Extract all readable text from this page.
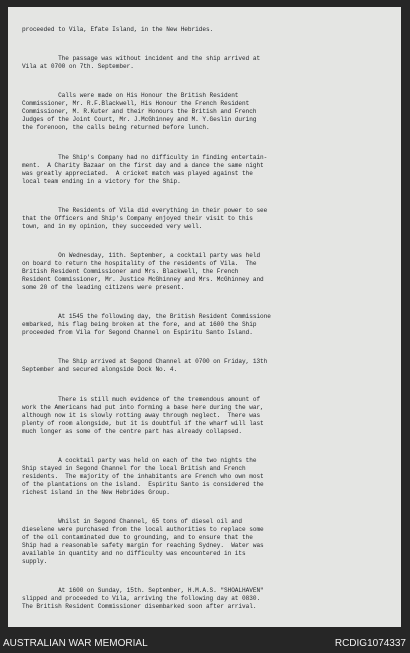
proceeded to Vila, Efate Island, in the New Hebrides.

The passage was without incident and the ship arrived at
Vila at 0700 on 7th. September.

Calls were made on His Honour the British Resident
Commissioner, Mr. R.F.Blackwell, His Honour the French Resident
Commissioner, M. R.Kuter and their Honours the British and French
Judges of the Joint Court, Mr. J.McGhinney and M. Y.Geslin during
the forenoon, the calls being returned before lunch.

The Ship's Company had no difficulty in finding entertain-
ment.  A Charity Bazaar on the first day and a dance the same night
was greatly appreciated.  A cricket match was played against the
local team ending in a victory for the Ship.

The Residents of Vila did everything in their power to see
that the Officers and Ship's Company enjoyed their visit to this
town, and in my opinion, they succeeded very well.

On Wednesday, 11th. September, a cocktail party was held
on board to return the hospitality of the residents of Vila.  The
British Resident Commissioner and Mrs. Blackwell, the French
Resident Commissioner, Mr. Justice McGhinney and Mrs. McGhinney and
some 20 of the leading citizens were present.

At 1545 the following day, the British Resident Commissione
embarked, his flag being broken at the fore, and at 1600 the Ship
proceeded from Vila for Segond Channel on Espiritu Santo Island.

The Ship arrived at Segond Channel at 0700 on Friday, 13th
September and secured alongside Dock No. 4.

There is still much evidence of the tremendous amount of
work the Americans had put into forming a base here during the war,
although now it is slowly rotting away through neglect.  There was
plenty of room alongside, but it is doubtful if the wharf will last
much longer as some of the centre part has already collapsed.

A cocktail party was held on each of the two nights the
Ship stayed in Segond Channel for the local British and French
residents.  The majority of the inhabitants are French who own most
of the plantations on the island.  Espiritu Santo is considered the
richest island in the New Hebrides Group.

Whilst in Segond Channel, 65 tons of diesel oil and
dieselene were purchased from the local authorities to replace some
of the oil contaminated due to grounding, and to ensure that the
Ship had a reasonable safety margin for reaching Sydney.  Water was
available in quantity and no difficulty was encountered in its
supply.

At 1600 on Sunday, 15th. September, H.M.A.S. "SHOALHAVEN"
slipped and proceeded to Vila, arriving the following day at 0830.
The British Resident Commissioner disembarked soon after arrival.

AUSTRALIAN WAR MEMORIAL	RCDIG1074337
